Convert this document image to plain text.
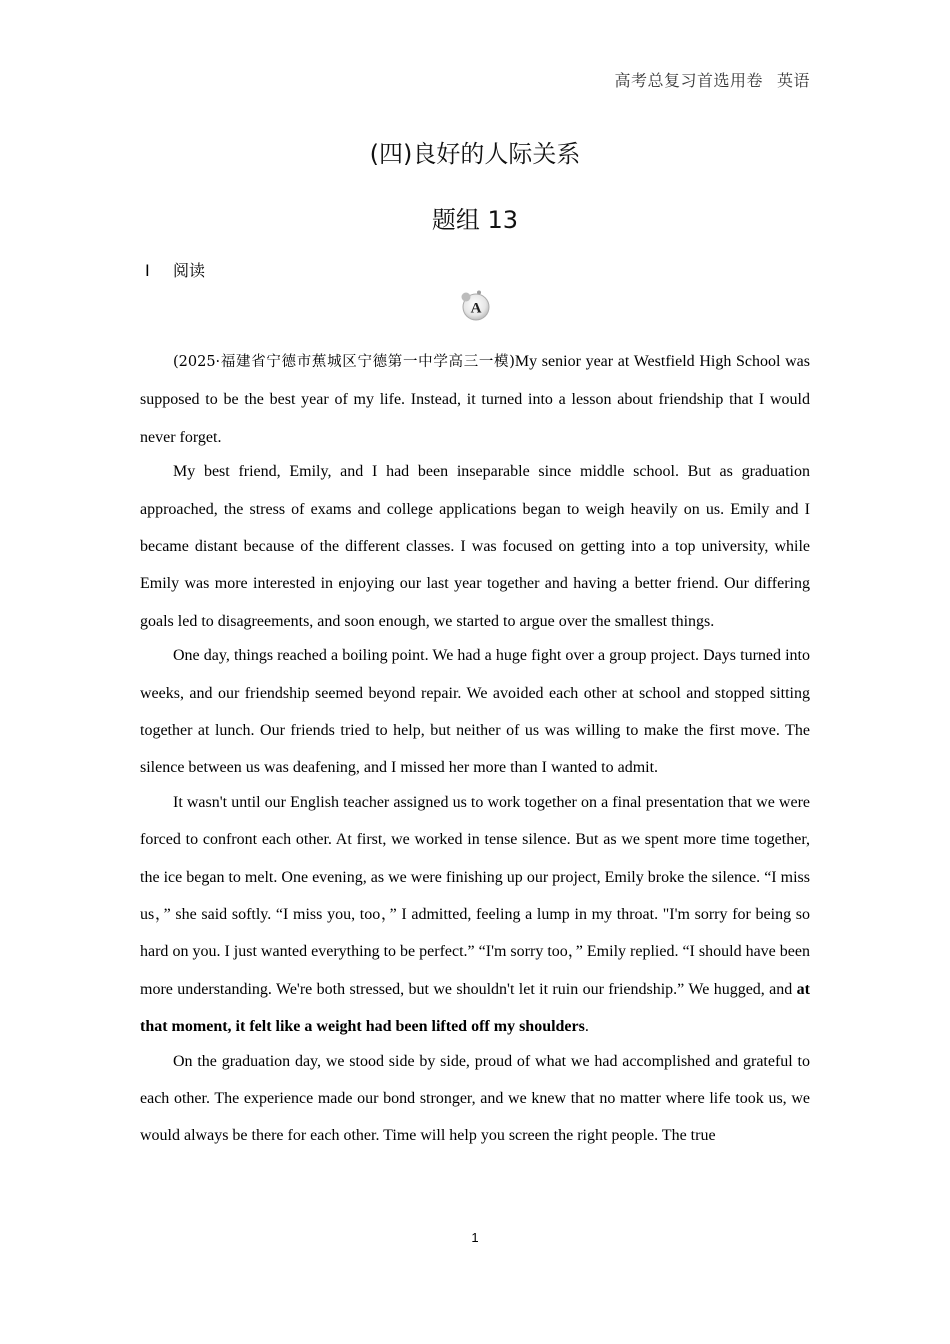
高考总复习首选用卷 英语
(四)良好的人际关系
题组 13
Ⅰ 阅读
A

(2025·福建省宁德市蕉城区宁德第一中学高三一模)My senior year at Westfield High School was supposed to be the best year of my life. Instead, it turned into a lesson about friendship that I would never forget.

My best friend, Emily, and I had been inseparable since middle school. But as graduation approached, the stress of exams and college applications began to weigh heavily on us. Emily and I became distant because of the different classes. I was focused on getting into a top university, while Emily was more interested in enjoying our last year together and having a better friend. Our differing goals led to disagreements, and soon enough, we started to argue over the smallest things.

One day, things reached a boiling point. We had a huge fight over a group project. Days turned into weeks, and our friendship seemed beyond repair. We avoided each other at school and stopped sitting together at lunch. Our friends tried to help, but neither of us was willing to make the first move. The silence between us was deafening, and I missed her more than I wanted to admit.

It wasn't until our English teacher assigned us to work together on a final presentation that we were forced to confront each other. At first, we worked in tense silence. But as we spent more time together, the ice began to melt. One evening, as we were finishing up our project, Emily broke the silence. “I miss us，” she said softly. “I miss you, too，” I admitted, feeling a lump in my throat. "I'm sorry for being so hard on you. I just wanted everything to be perfect.” “I'm sorry too，” Emily replied. “I should have been more understanding. We're both stressed, but we shouldn't let it ruin our friendship.” We hugged, and at that moment, it felt like a weight had been lifted off my shoulders.

On the graduation day, we stood side by side, proud of what we had accomplished and grateful to each other. The experience made our bond stronger, and we knew that no matter where life took us, we would always be there for each other. Time will help you screen the right people. The true

1
